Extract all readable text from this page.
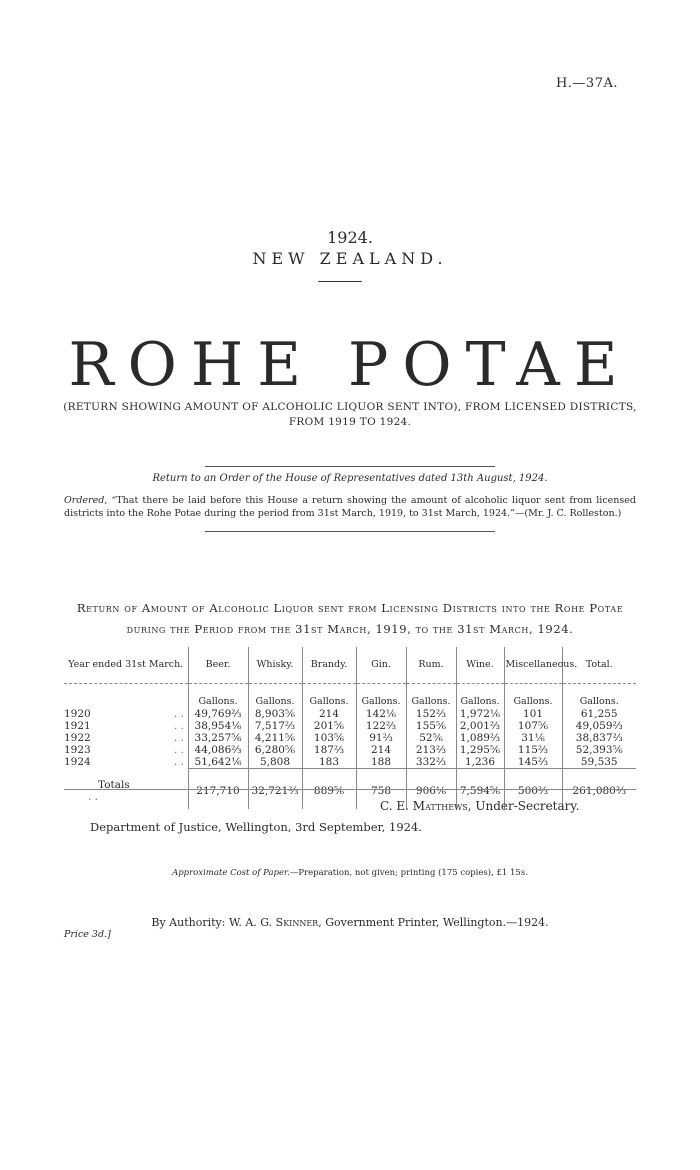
H.—37A.
1924.
NEW ZEALAND.
ROHE POTAE
(RETURN SHOWING AMOUNT OF ALCOHOLIC LIQUOR SENT INTO), FROM LICENSED DISTRICTS, FROM 1919 TO 1924.
Return to an Order of the House of Representatives dated 13th August, 1924.
Ordered, “That there be laid before this House a return showing the amount of alcoholic liquor sent from licensed districts into the Rohe Potae during the period from 31st March, 1919, to 31st March, 1924.”—(Mr. J. C. Rolleston.)
Return of Amount of Alcoholic Liquor sent from Licensing Districts into the Rohe Potae during the Period from the 31st March, 1919, to the 31st March, 1924.
Year ended 31st March.	Beer.	Whisky.	Brandy.	Gin.	Rum.	Wine.	Miscellaneous.	Total.
	Gallons.	Gallons.	Gallons.	Gallons.	Gallons.	Gallons.	Gallons.	Gallons.
1920 . .	49,769⅔	8,903⅚	214	142⅙	152⅔	1,972⅙	101	61,255
1921 . .	38,954⅙	7,517⅔	201⅚	122⅔	155⅚	2,001⅔	107⅚	49,059⅔
1922 . .	33,257⅚	4,211⅚	103⅚	91⅔	52⅚	1,089⅔	31⅙	38,837⅔
1923 . .	44,086⅔	6,280⅚	187⅔	214	213⅔	1,295⅚	115⅔	52,393⅚
1924 . .	51,642⅙	5,808	183	188	332⅔	1,236	145⅔	59,535

Totals. .	217,710	32,721⅔	889⅚	758	906⅙	7,594⅚	500⅔	261,080⅔
C. E. Matthews, Under-Secretary.
Department of Justice, Wellington, 3rd September, 1924.
Approximate Cost of Paper.—Preparation, not given; printing (175 copies), £1 15s.
By Authority: W. A. G. Skinner, Government Printer, Wellington.—1924.
Price 3d.]
